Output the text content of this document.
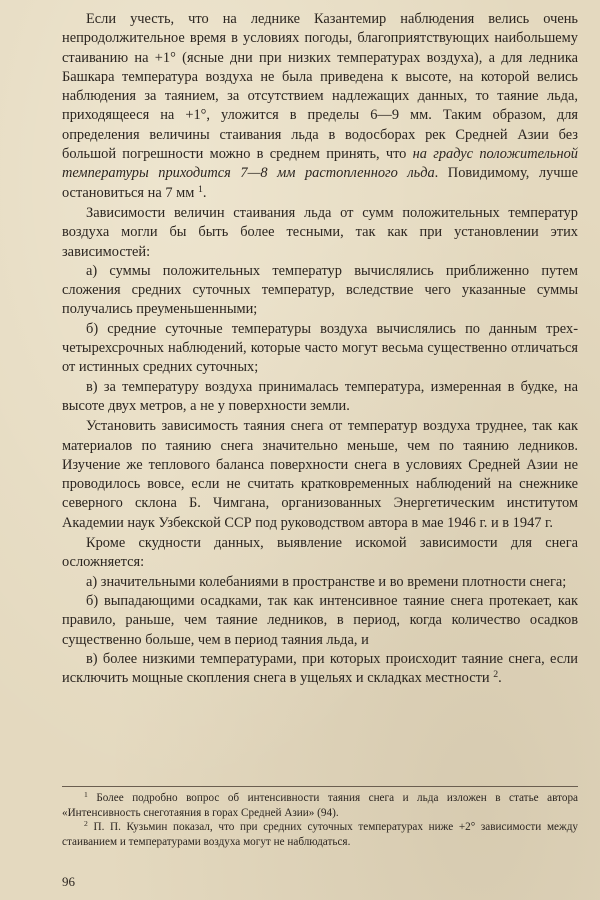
Если учесть, что на леднике Казантемир наблюдения велись очень непродолжительное время в условиях погоды, благоприятствующих наибольшему стаиванию на +1° (ясные дни при низких температурах воздуха), а для ледника Башкара температура воздуха не была приведена к высоте, на которой велись наблюдения за таянием, за отсутствием надлежащих данных, то таяние льда, приходящееся на +1°, уложится в пределы 6—9 мм. Таким образом, для определения величины стаивания льда в водосборах рек Средней Азии без большой погрешности можно в среднем принять, что на градус положительной температуры приходится 7—8 мм растопленного льда. Повидимому, лучше остановиться на 7 мм $^1$.

Зависимости величин стаивания льда от сумм положительных температур воздуха могли бы быть более тесными, так как при установлении этих зависимостей:

а) суммы положительных температур вычислялись приближенно путем сложения средних суточных температур, вследствие чего указанные суммы получались преуменьшенными;

б) средние суточные температуры воздуха вычислялись по данным трех-четырехсрочных наблюдений, которые часто могут весьма существенно отличаться от истинных средних суточных;

в) за температуру воздуха принималась температура, измеренная в будке, на высоте двух метров, а не у поверхности земли.

Установить зависимость таяния снега от температур воздуха труднее, так как материалов по таянию снега значительно меньше, чем по таянию ледников. Изучение же теплового баланса поверхности снега в условиях Средней Азии не проводилось вовсе, если не считать кратковременных наблюдений на снежнике северного склона Б. Чимгана, организованных Энергетическим институтом Академии наук Узбекской ССР под руководством автора в мае 1946 г. и в 1947 г.

Кроме скудности данных, выявление искомой зависимости для снега осложняется:

а) значительными колебаниями в пространстве и во времени плотности снега;

б) выпадающими осадками, так как интенсивное таяние снега протекает, как правило, раньше, чем таяние ледников, в период, когда количество осадков существенно больше, чем в период таяния льда, и

в) более низкими температурами, при которых происходит таяние снега, если исключить мощные скопления снега в ущельях и складках местности $^2$.

$^1$ Более подробно вопрос об интенсивности таяния снега и льда изложен в статье автора «Интенсивность снеготаяния в горах Средней Азии» (94).

$^2$ П. П. Кузьмин показал, что при средних суточных температурах ниже +2° зависимости между стаиванием и температурами воздуха могут не наблюдаться.

96
